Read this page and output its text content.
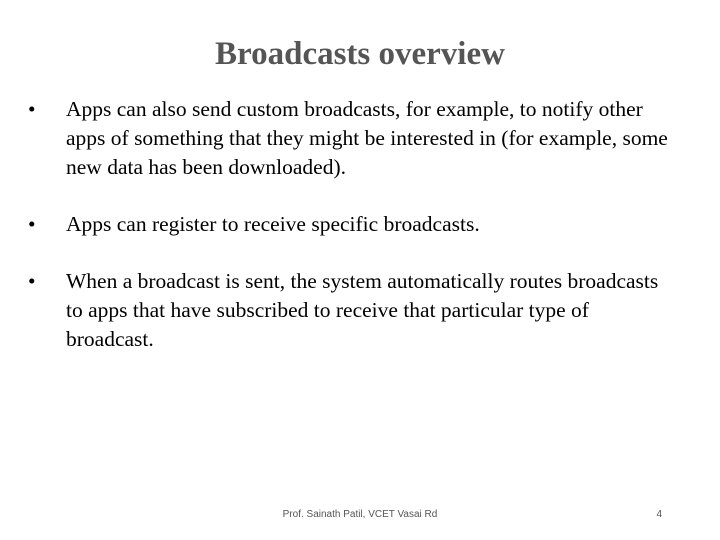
Broadcasts overview
•	Apps can also send custom broadcasts, for example, to notify other apps of something that they might be interested in (for example, some new data has been downloaded).
•	Apps can register to receive specific broadcasts.
•	When a broadcast is sent, the system automatically routes broadcasts to apps that have subscribed to receive that particular type of broadcast.
Prof. Sainath Patil, VCET Vasai Rd	4
